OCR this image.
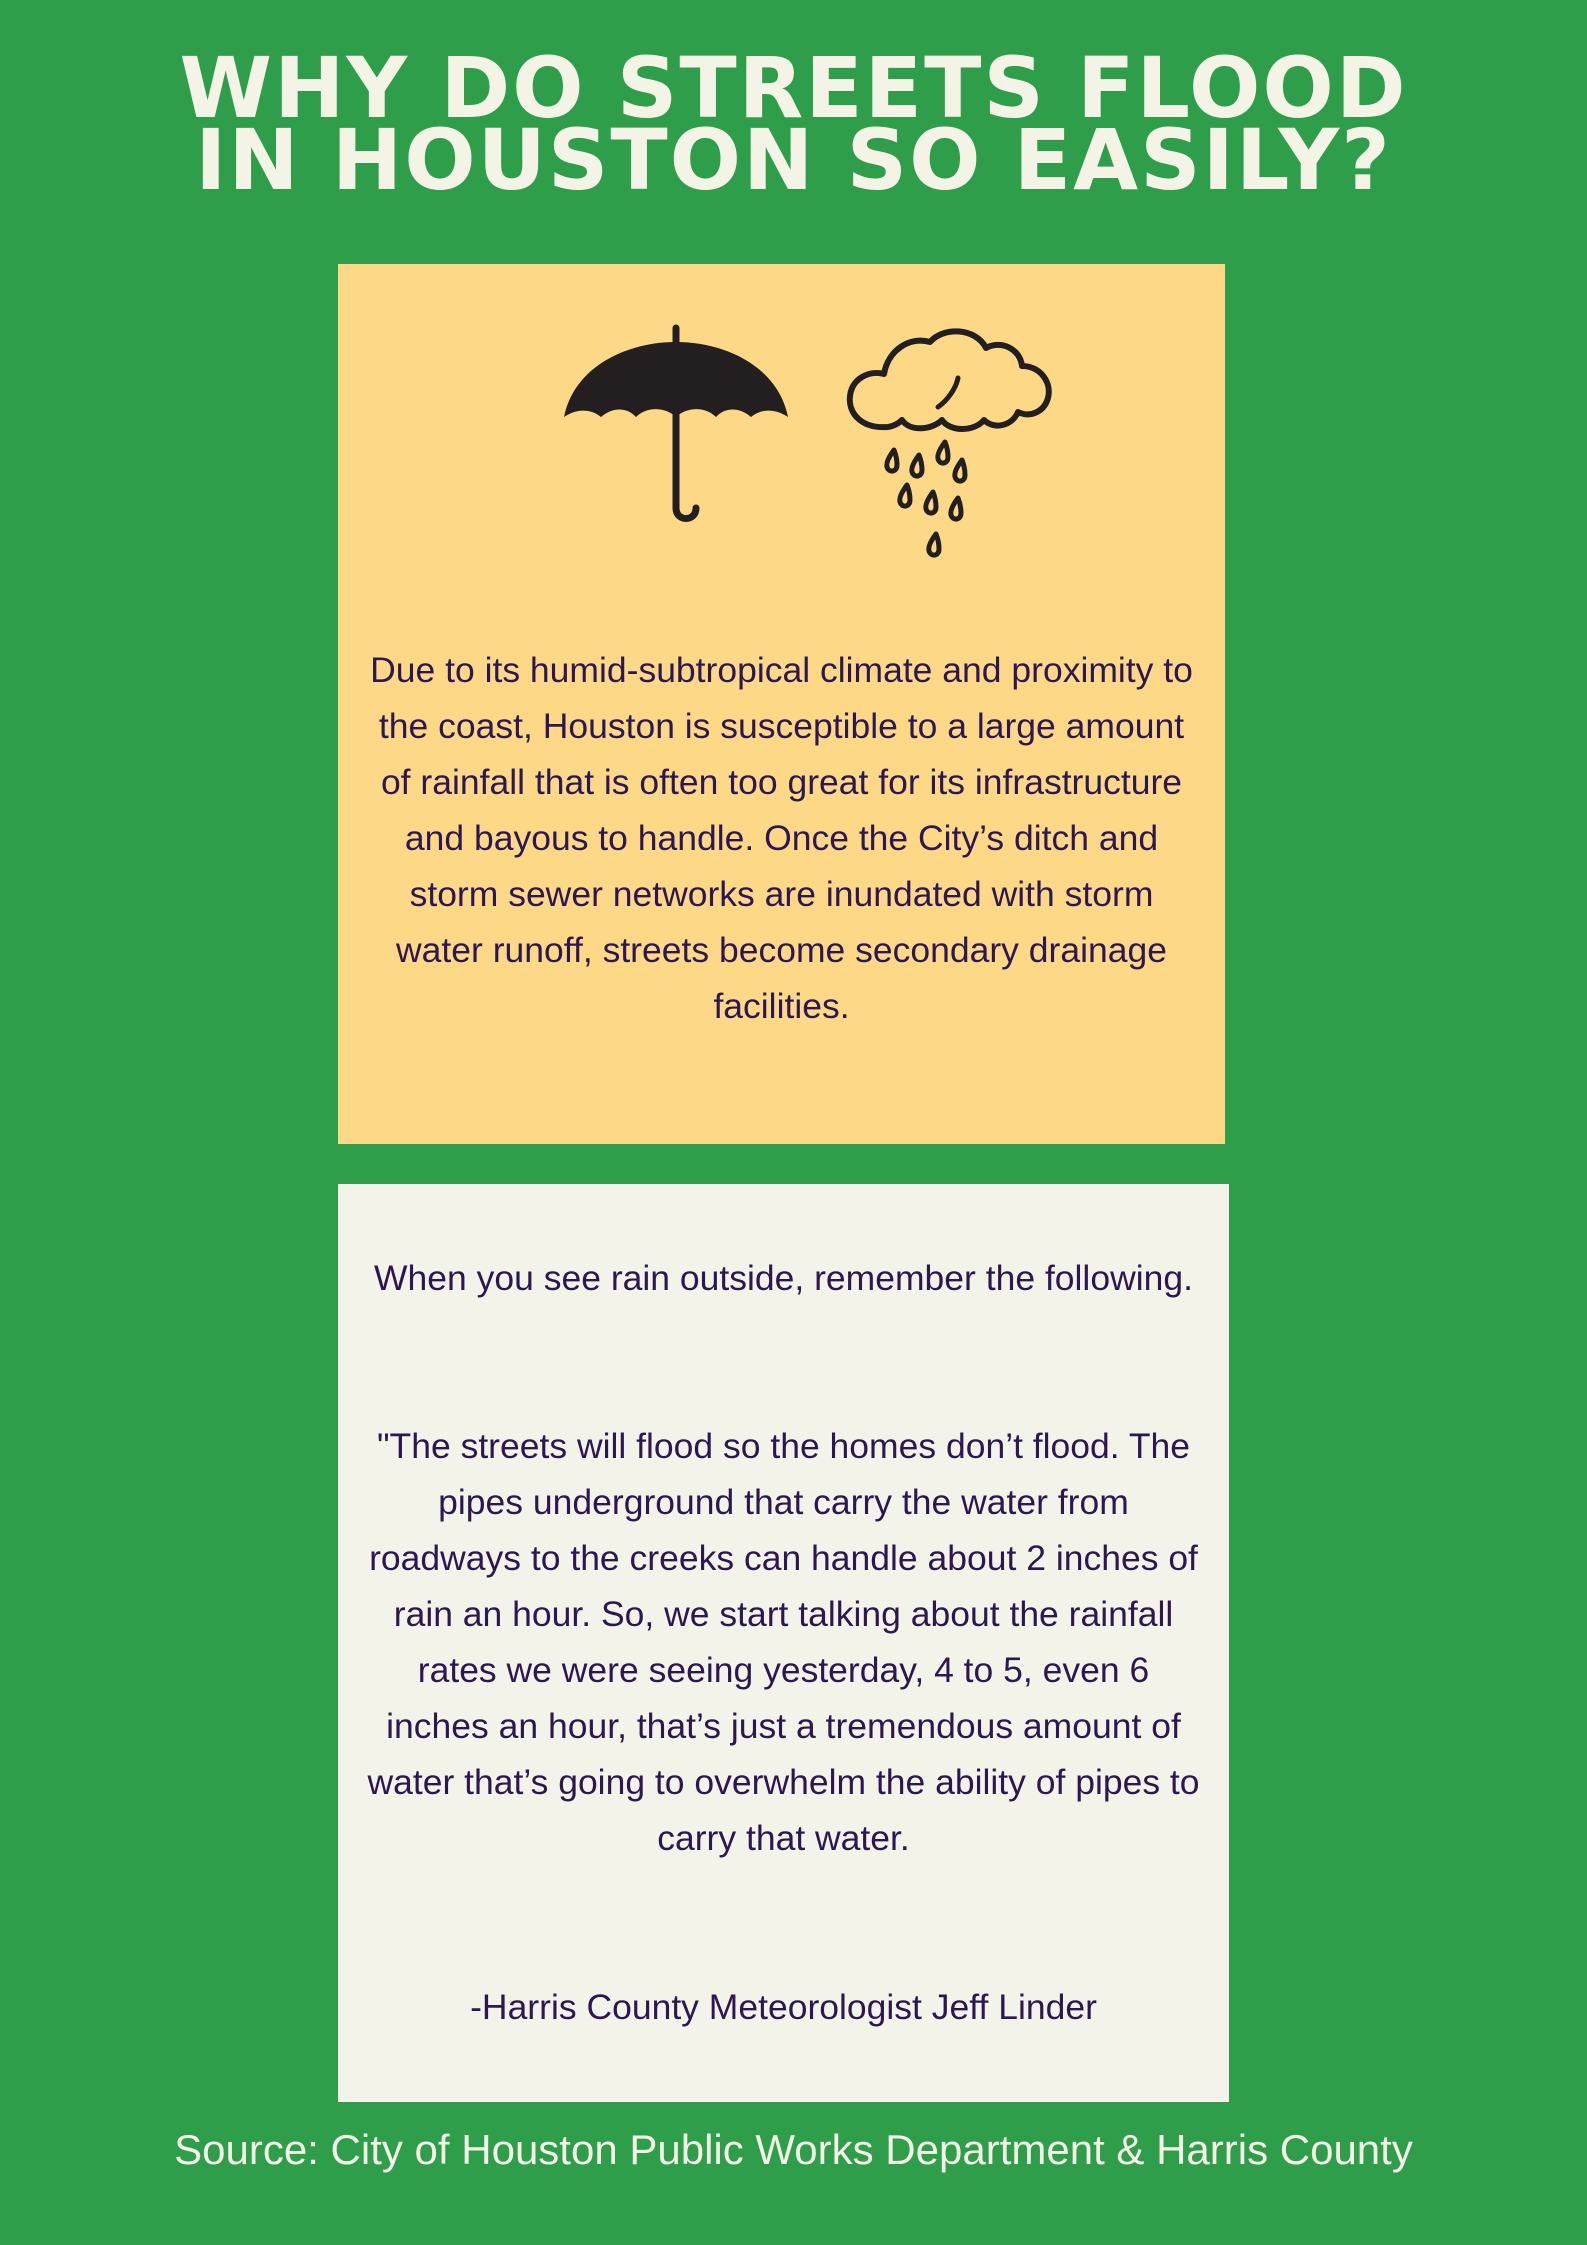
WHY DO STREETS FLOOD
IN HOUSTON SO EASILY?

Due to its humid-subtropical climate and proximity to the coast, Houston is susceptible to a large amount of rainfall that is often too great for its infrastructure and bayous to handle. Once the City’s ditch and storm sewer networks are inundated with storm water runoff, streets become secondary drainage facilities.

When you see rain outside, remember the following.

"The streets will flood so the homes don’t flood. The pipes underground that carry the water from roadways to the creeks can handle about 2 inches of rain an hour. So, we start talking about the rainfall rates we were seeing yesterday, 4 to 5, even 6 inches an hour, that’s just a tremendous amount of water that’s going to overwhelm the ability of pipes to carry that water.

-Harris County Meteorologist Jeff Linder

Source: City of Houston Public Works Department & Harris County
